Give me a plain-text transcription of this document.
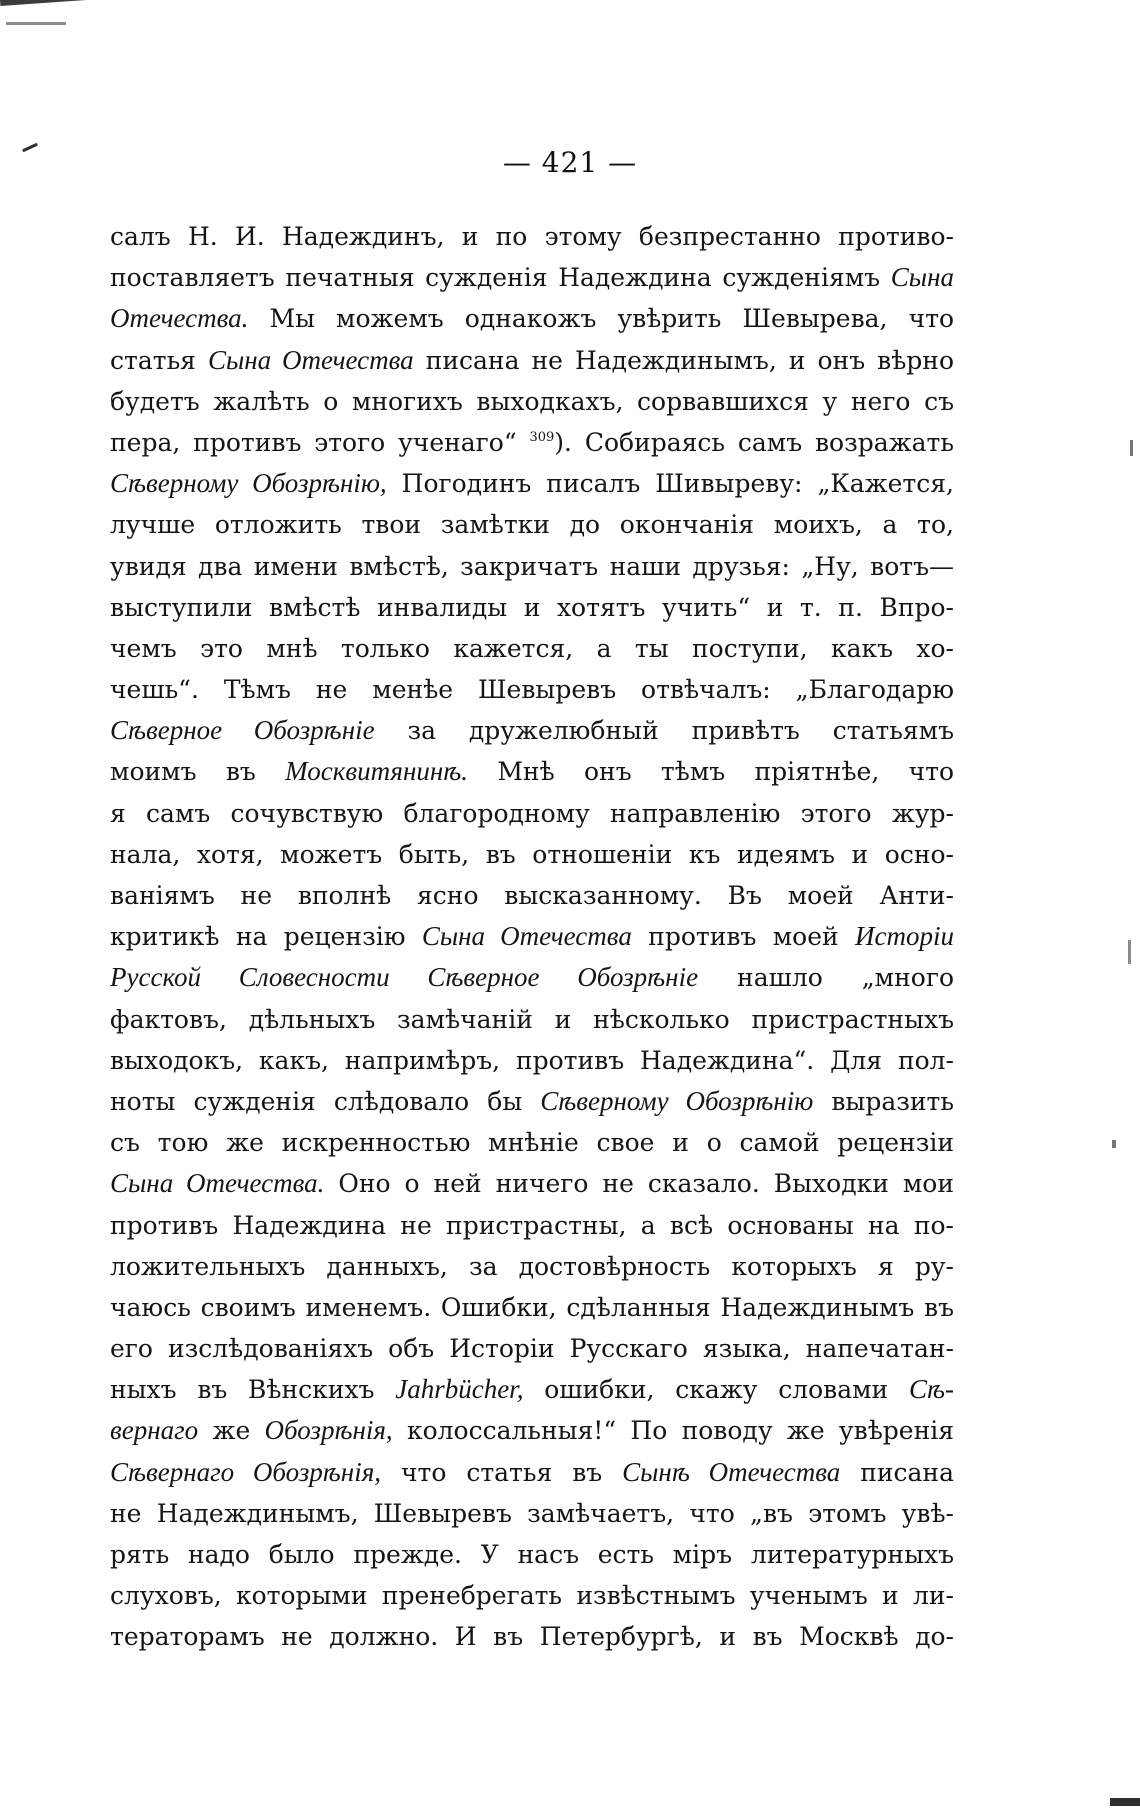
— 421 —
салъ Н. И. Надеждинъ, и по этому безпрестанно противо-
поставляетъ печатныя сужденія Надеждина сужденіямъ Сына
Отечества. Мы можемъ однакожъ увѣрить Шевырева, что
статья Сына Отечества писана не Надеждинымъ, и онъ вѣрно
будетъ жалѣть о многихъ выходкахъ, сорвавшихся у него съ
пера, противъ этого ученаго“ $^{309}$). Собираясь самъ возражать
Сѣверному Обозрѣнію, Погодинъ писалъ Шивыреву: „Кажется,
лучше отложить твои замѣтки до окончанія моихъ, а то,
увидя два имени вмѣстѣ, закричатъ наши друзья: „Ну, вотъ—
выступили вмѣстѣ инвалиды и хотятъ учить“ и т. п. Впро-
чемъ это мнѣ только кажется, а ты поступи, какъ хо-
чешь“. Тѣмъ не менѣе Шевыревъ отвѣчалъ: „Благодарю
Сѣверное Обозрѣніе за дружелюбный привѣтъ статьямъ
моимъ въ Москвитянинѣ. Мнѣ онъ тѣмъ пріятнѣе, что
я самъ сочувствую благородному направленію этого жур-
нала, хотя, можетъ быть, въ отношеніи къ идеямъ и осно-
ваніямъ не вполнѣ ясно высказанному. Въ моей Анти-
критикѣ на рецензію Сына Отечества противъ моей Исторіи
Русской Словесности Сѣверное Обозрѣніе нашло „много
фактовъ, дѣльныхъ замѣчаній и нѣсколько пристрастныхъ
выходокъ, какъ, напримѣръ, противъ Надеждина“. Для пол-
ноты сужденія слѣдовало бы Сѣверному Обозрѣнію выразить
съ тою же искренностью мнѣніе свое и о самой рецензіи
Сына Отечества. Оно о ней ничего не сказало. Выходки мои
противъ Надеждина не пристрастны, а всѣ основаны на по-
ложительныхъ данныхъ, за достовѣрность которыхъ я ру-
чаюсь своимъ именемъ. Ошибки, сдѣланныя Надеждинымъ въ
его изслѣдованіяхъ объ Исторіи Русскаго языка, напечатан-
ныхъ въ Вѣнскихъ Jahrbücher, ошибки, скажу словами Сѣ-
вернаго же Обозрѣнія, колоссальныя!“ По поводу же увѣренія
Сѣвернаго Обозрѣнія, что статья въ Сынѣ Отечества писана
не Надеждинымъ, Шевыревъ замѣчаетъ, что „въ этомъ увѣ-
рять надо было прежде. У насъ есть міръ литературныхъ
слуховъ, которыми пренебрегать извѣстнымъ ученымъ и ли-
тераторамъ не должно. И въ Петербургѣ, и въ Москвѣ до-
